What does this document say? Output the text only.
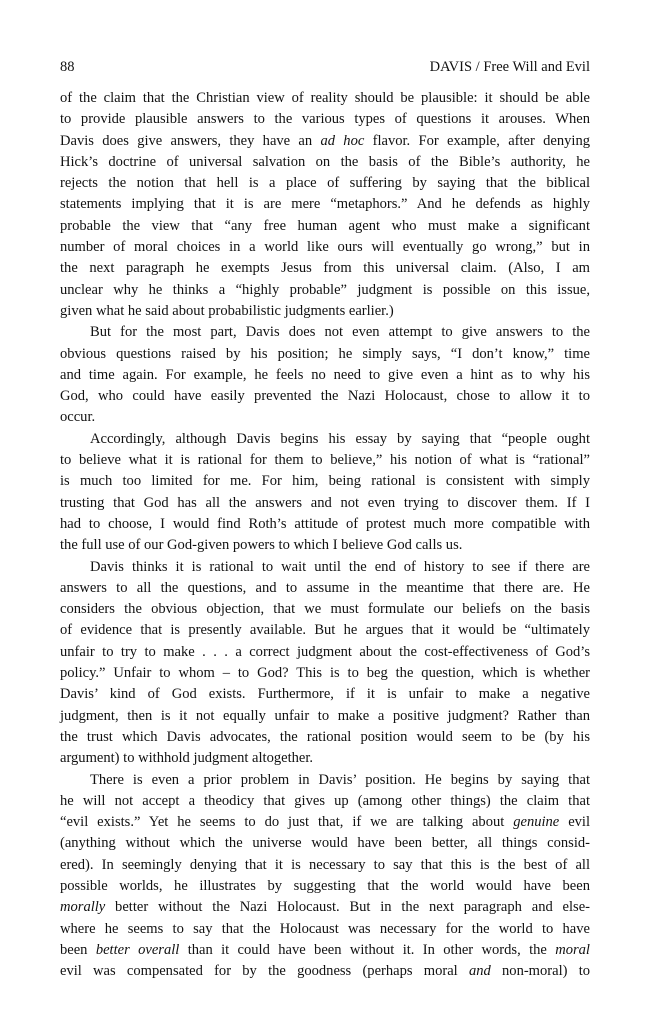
88	DAVIS / Free Will and Evil

of the claim that the Christian view of reality should be plausible: it should be able
to provide plausible answers to the various types of questions it arouses. When
Davis does give answers, they have an ad hoc flavor. For example, after denying
Hick’s doctrine of universal salvation on the basis of the Bible’s authority, he
rejects the notion that hell is a place of suffering by saying that the biblical
statements implying that it is are mere “metaphors.” And he defends as highly
probable the view that “any free human agent who must make a significant
number of moral choices in a world like ours will eventually go wrong,” but in
the next paragraph he exempts Jesus from this universal claim. (Also, I am
unclear why he thinks a “highly probable” judgment is possible on this issue,
given what he said about probabilistic judgments earlier.)

But for the most part, Davis does not even attempt to give answers to the
obvious questions raised by his position; he simply says, “I don’t know,” time
and time again. For example, he feels no need to give even a hint as to why his
God, who could have easily prevented the Nazi Holocaust, chose to allow it to
occur.

Accordingly, although Davis begins his essay by saying that “people ought
to believe what it is rational for them to believe,” his notion of what is “rational”
is much too limited for me. For him, being rational is consistent with simply
trusting that God has all the answers and not even trying to discover them. If I
had to choose, I would find Roth’s attitude of protest much more compatible with
the full use of our God-given powers to which I believe God calls us.

Davis thinks it is rational to wait until the end of history to see if there are
answers to all the questions, and to assume in the meantime that there are. He
considers the obvious objection, that we must formulate our beliefs on the basis
of evidence that is presently available. But he argues that it would be “ultimately
unfair to try to make . . . a correct judgment about the cost-effectiveness of God’s
policy.” Unfair to whom – to God? This is to beg the question, which is whether
Davis’ kind of God exists. Furthermore, if it is unfair to make a negative
judgment, then is it not equally unfair to make a positive judgment? Rather than
the trust which Davis advocates, the rational position would seem to be (by his
argument) to withhold judgment altogether.

There is even a prior problem in Davis’ position. He begins by saying that
he will not accept a theodicy that gives up (among other things) the claim that
“evil exists.” Yet he seems to do just that, if we are talking about genuine evil
(anything without which the universe would have been better, all things consid-
ered). In seemingly denying that it is necessary to say that this is the best of all
possible worlds, he illustrates by suggesting that the world would have been
morally better without the Nazi Holocaust. But in the next paragraph and else-
where he seems to say that the Holocaust was necessary for the world to have
been better overall than it could have been without it. In other words, the moral
evil was compensated for by the goodness (perhaps moral and non-moral) to
